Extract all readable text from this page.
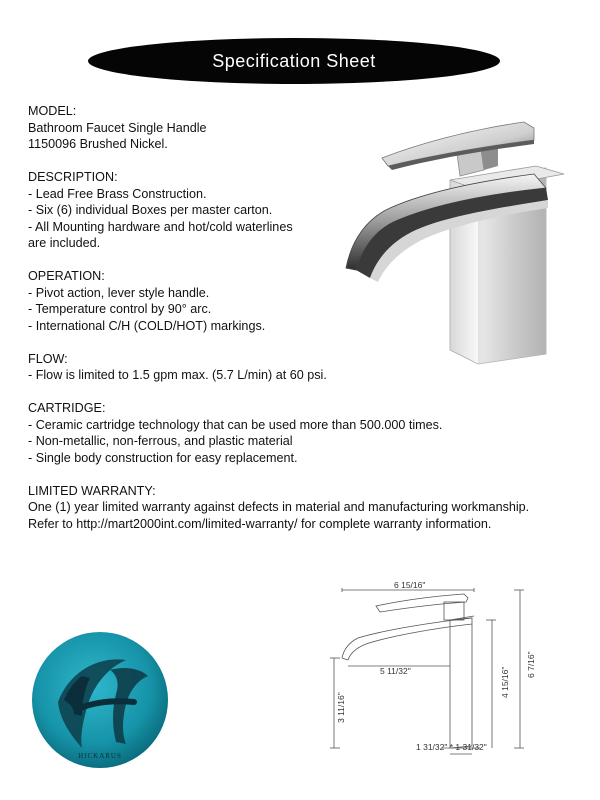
Specification Sheet
MODEL:
Bathroom Faucet Single Handle
1150096 Brushed Nickel.
DESCRIPTION:
- Lead Free Brass Construction.
- Six (6) individual Boxes per master carton.
- All Mounting hardware and hot/cold waterlines
are included.
OPERATION:
- Pivot action, lever style handle.
- Temperature control by 90° arc.
- International C/H (COLD/HOT) markings.
FLOW:
- Flow is limited to 1.5 gpm max. (5.7 L/min) at 60 psi.
CARTRIDGE:
- Ceramic cartridge technology that can be used more than 500.000 times.
- Non-metallic, non-ferrous, and plastic material
- Single body construction for easy replacement.
LIMITED WARRANTY:
One (1) year limited warranty against defects in material and manufacturing workmanship.
Refer to http://mart2000int.com/limited-warranty/ for complete warranty information.
HICKARUS
6 15/16"
5 11/32"	4 15/16"
6 7/16"
3 11/16"
1 31/32" * 1 31/32"
